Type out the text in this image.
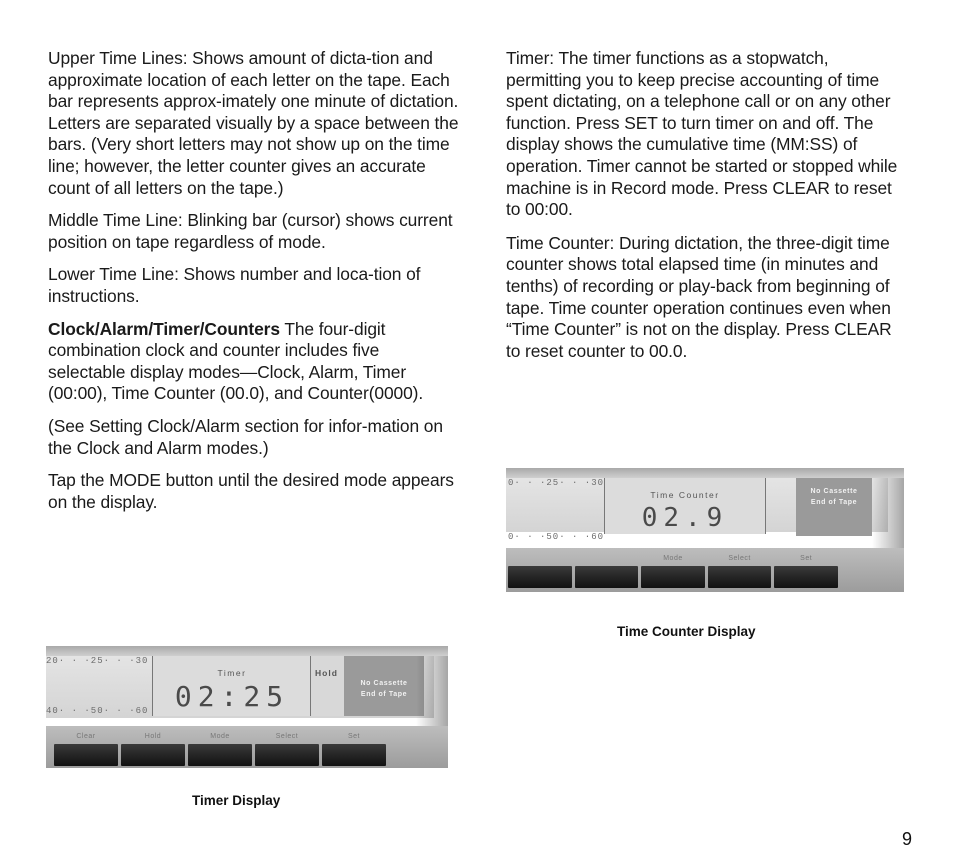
Upper Time Lines: Shows amount of dicta-tion and approximate location of each letter on the tape. Each bar represents approx-imately one minute of dictation. Letters are separated visually by a space between the bars. (Very short letters may not show up on the time line; however, the letter counter gives an accurate count of all letters on the tape.)

Middle Time Line: Blinking bar (cursor) shows current position on tape regardless of mode.

Lower Time Line: Shows number and loca-tion of instructions.

Clock/Alarm/Timer/Counters The four-digit combination clock and counter includes five selectable display modes—Clock, Alarm, Timer (00:00), Time Counter (00.0), and Counter(0000).

(See Setting Clock/Alarm section for infor-mation on the Clock and Alarm modes.)

Tap the MODE button until the desired mode appears on the display.

Timer: The timer functions as a stopwatch, permitting you to keep precise accounting of time spent dictating, on a telephone call or on any other function. Press SET to turn timer on and off. The display shows the cumulative time (MM:SS) of operation. Timer cannot be started or stopped while machine is in Record mode. Press CLEAR to reset to 00:00.

Time Counter: During dictation, the three-digit time counter shows total elapsed time (in minutes and tenths) of recording or play-back from beginning of tape. Time counter operation continues even when “Time Counter” is not on the display. Press CLEAR to reset counter to 00.0.

0· · ·25· · ·30
0· · ·50· · ·60
Time Counter
02.9
No Cassette
End of Tape
Mode	Select	Set
Time Counter Display
20· · ·25· · ·30
40· · ·50· · ·60
Timer
02:25
Hold
No Cassette
End of Tape
Clear	Hold	Mode	Select	Set
Timer Display
9
